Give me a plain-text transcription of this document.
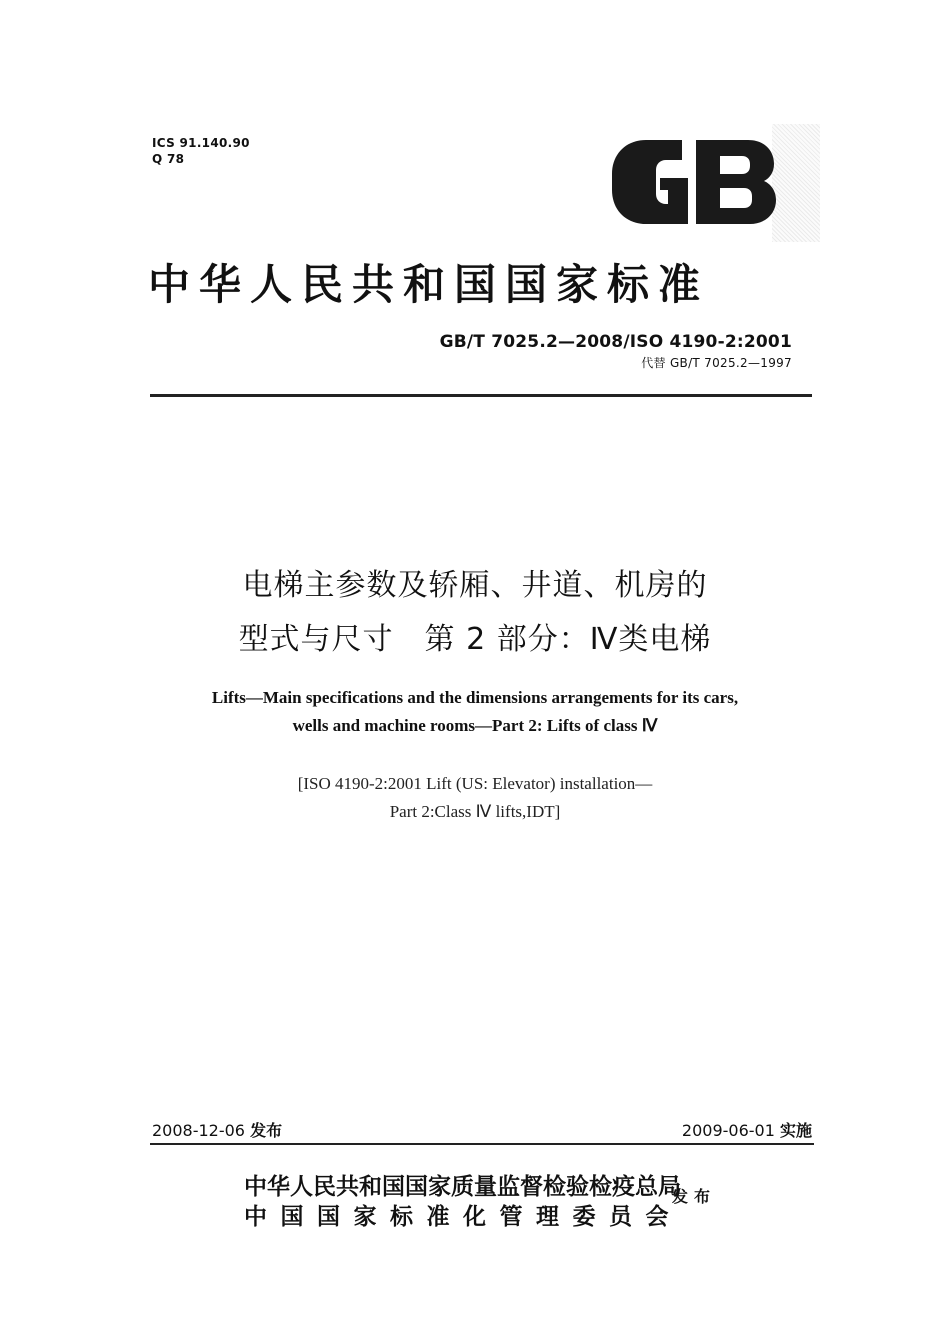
ICS 91.140.90
Q 78
中华人民共和国国家标准
GB/T 7025.2—2008/ISO 4190-2:2001
代替 GB/T 7025.2—1997
电梯主参数及轿厢、井道、机房的
型式与尺寸　第 2 部分：Ⅳ类电梯
Lifts—Main specifications and the dimensions arrangements for its cars,
wells and machine rooms—Part 2: Lifts of class Ⅳ
[ISO 4190-2:2001 Lift (US: Elevator) installation—
Part 2:Class Ⅳ lifts,IDT]
2008-12-06 发布	2009-06-01 实施
中华人民共和国国家质量监督检验检疫总局
中国国家标准化管理委员会
发布
